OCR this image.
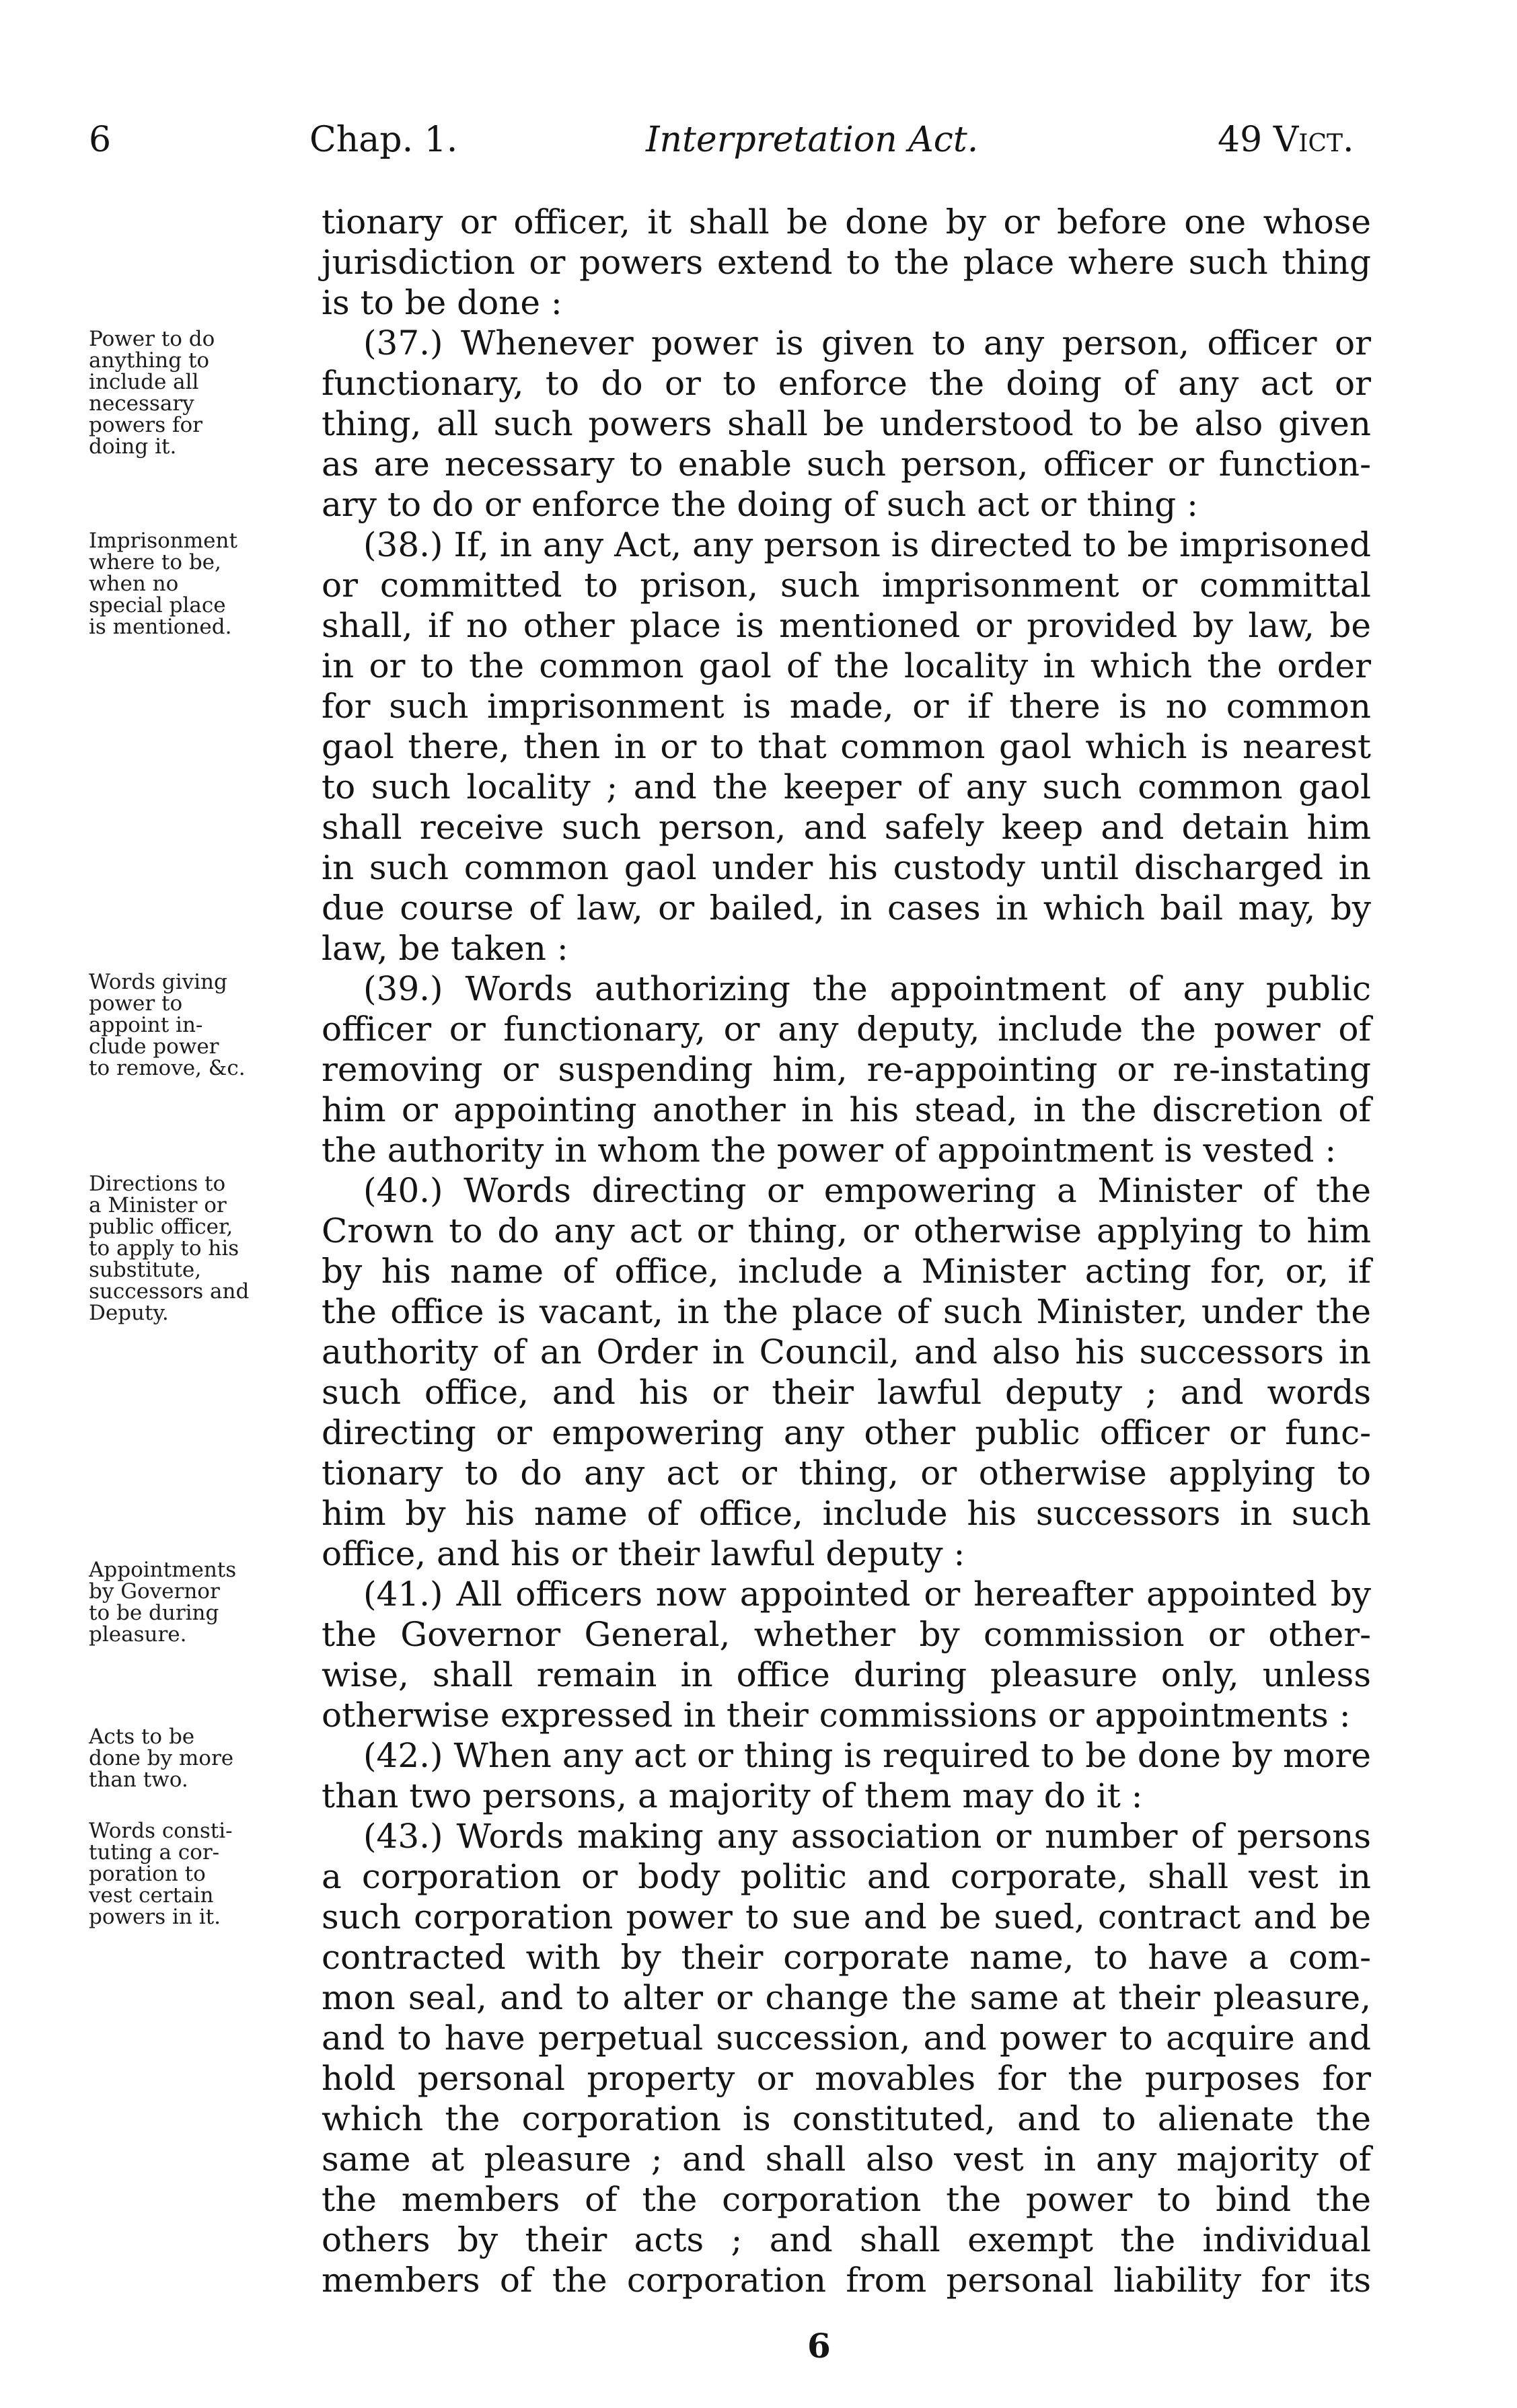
6	Chap. 1.	Interpretation Act.	49 Vict.
tionary or officer, it shall be done by or before one whose
jurisdiction or powers extend to the place where such thing
is to be done :
(37.) Whenever power is given to any person, officer or
functionary, to do or to enforce the doing of any act or
thing, all such powers shall be understood to be also given
as are necessary to enable such person, officer or function-
ary to do or enforce the doing of such act or thing :
(38.) If, in any Act, any person is directed to be imprisoned
or committed to prison, such imprisonment or committal
shall, if no other place is mentioned or provided by law, be
in or to the common gaol of the locality in which the order
for such imprisonment is made, or if there is no common
gaol there, then in or to that common gaol which is nearest
to such locality ; and the keeper of any such common gaol
shall receive such person, and safely keep and detain him
in such common gaol under his custody until discharged in
due course of law, or bailed, in cases in which bail may, by
law, be taken :
(39.) Words authorizing the appointment of any public
officer or functionary, or any deputy, include the power of
removing or suspending him, re-appointing or re-instating
him or appointing another in his stead, in the discretion of
the authority in whom the power of appointment is vested :
(40.) Words directing or empowering a Minister of the
Crown to do any act or thing, or otherwise applying to him
by his name of office, include a Minister acting for, or, if
the office is vacant, in the place of such Minister, under the
authority of an Order in Council, and also his successors in
such office, and his or their lawful deputy ; and words
directing or empowering any other public officer or func-
tionary to do any act or thing, or otherwise applying to
him by his name of office, include his successors in such
office, and his or their lawful deputy :
(41.) All officers now appointed or hereafter appointed by
the Governor General, whether by commission or other-
wise, shall remain in office during pleasure only, unless
otherwise expressed in their commissions or appointments :
(42.) When any act or thing is required to be done by more
than two persons, a majority of them may do it :
(43.) Words making any association or number of persons
a corporation or body politic and corporate, shall vest in
such corporation power to sue and be sued, contract and be
contracted with by their corporate name, to have a com-
mon seal, and to alter or change the same at their pleasure,
and to have perpetual succession, and power to acquire and
hold personal property or movables for the purposes for
which the corporation is constituted, and to alienate the
same at pleasure ; and shall also vest in any majority of
the members of the corporation the power to bind the
others by their acts ; and shall exempt the individual
members of the corporation from personal liability for its
Power to do
anything to
include all
necessary
powers for
doing it.
Imprisonment
where to be,
when no
special place
is mentioned.
Words giving
power to
appoint in-
clude power
to remove, &c.
Directions to
a Minister or
public officer,
to apply to his
substitute,
successors and
Deputy.
Appointments
by Governor
to be during
pleasure.
Acts to be
done by more
than two.
Words consti-
tuting a cor-
poration to
vest certain
powers in it.
6
